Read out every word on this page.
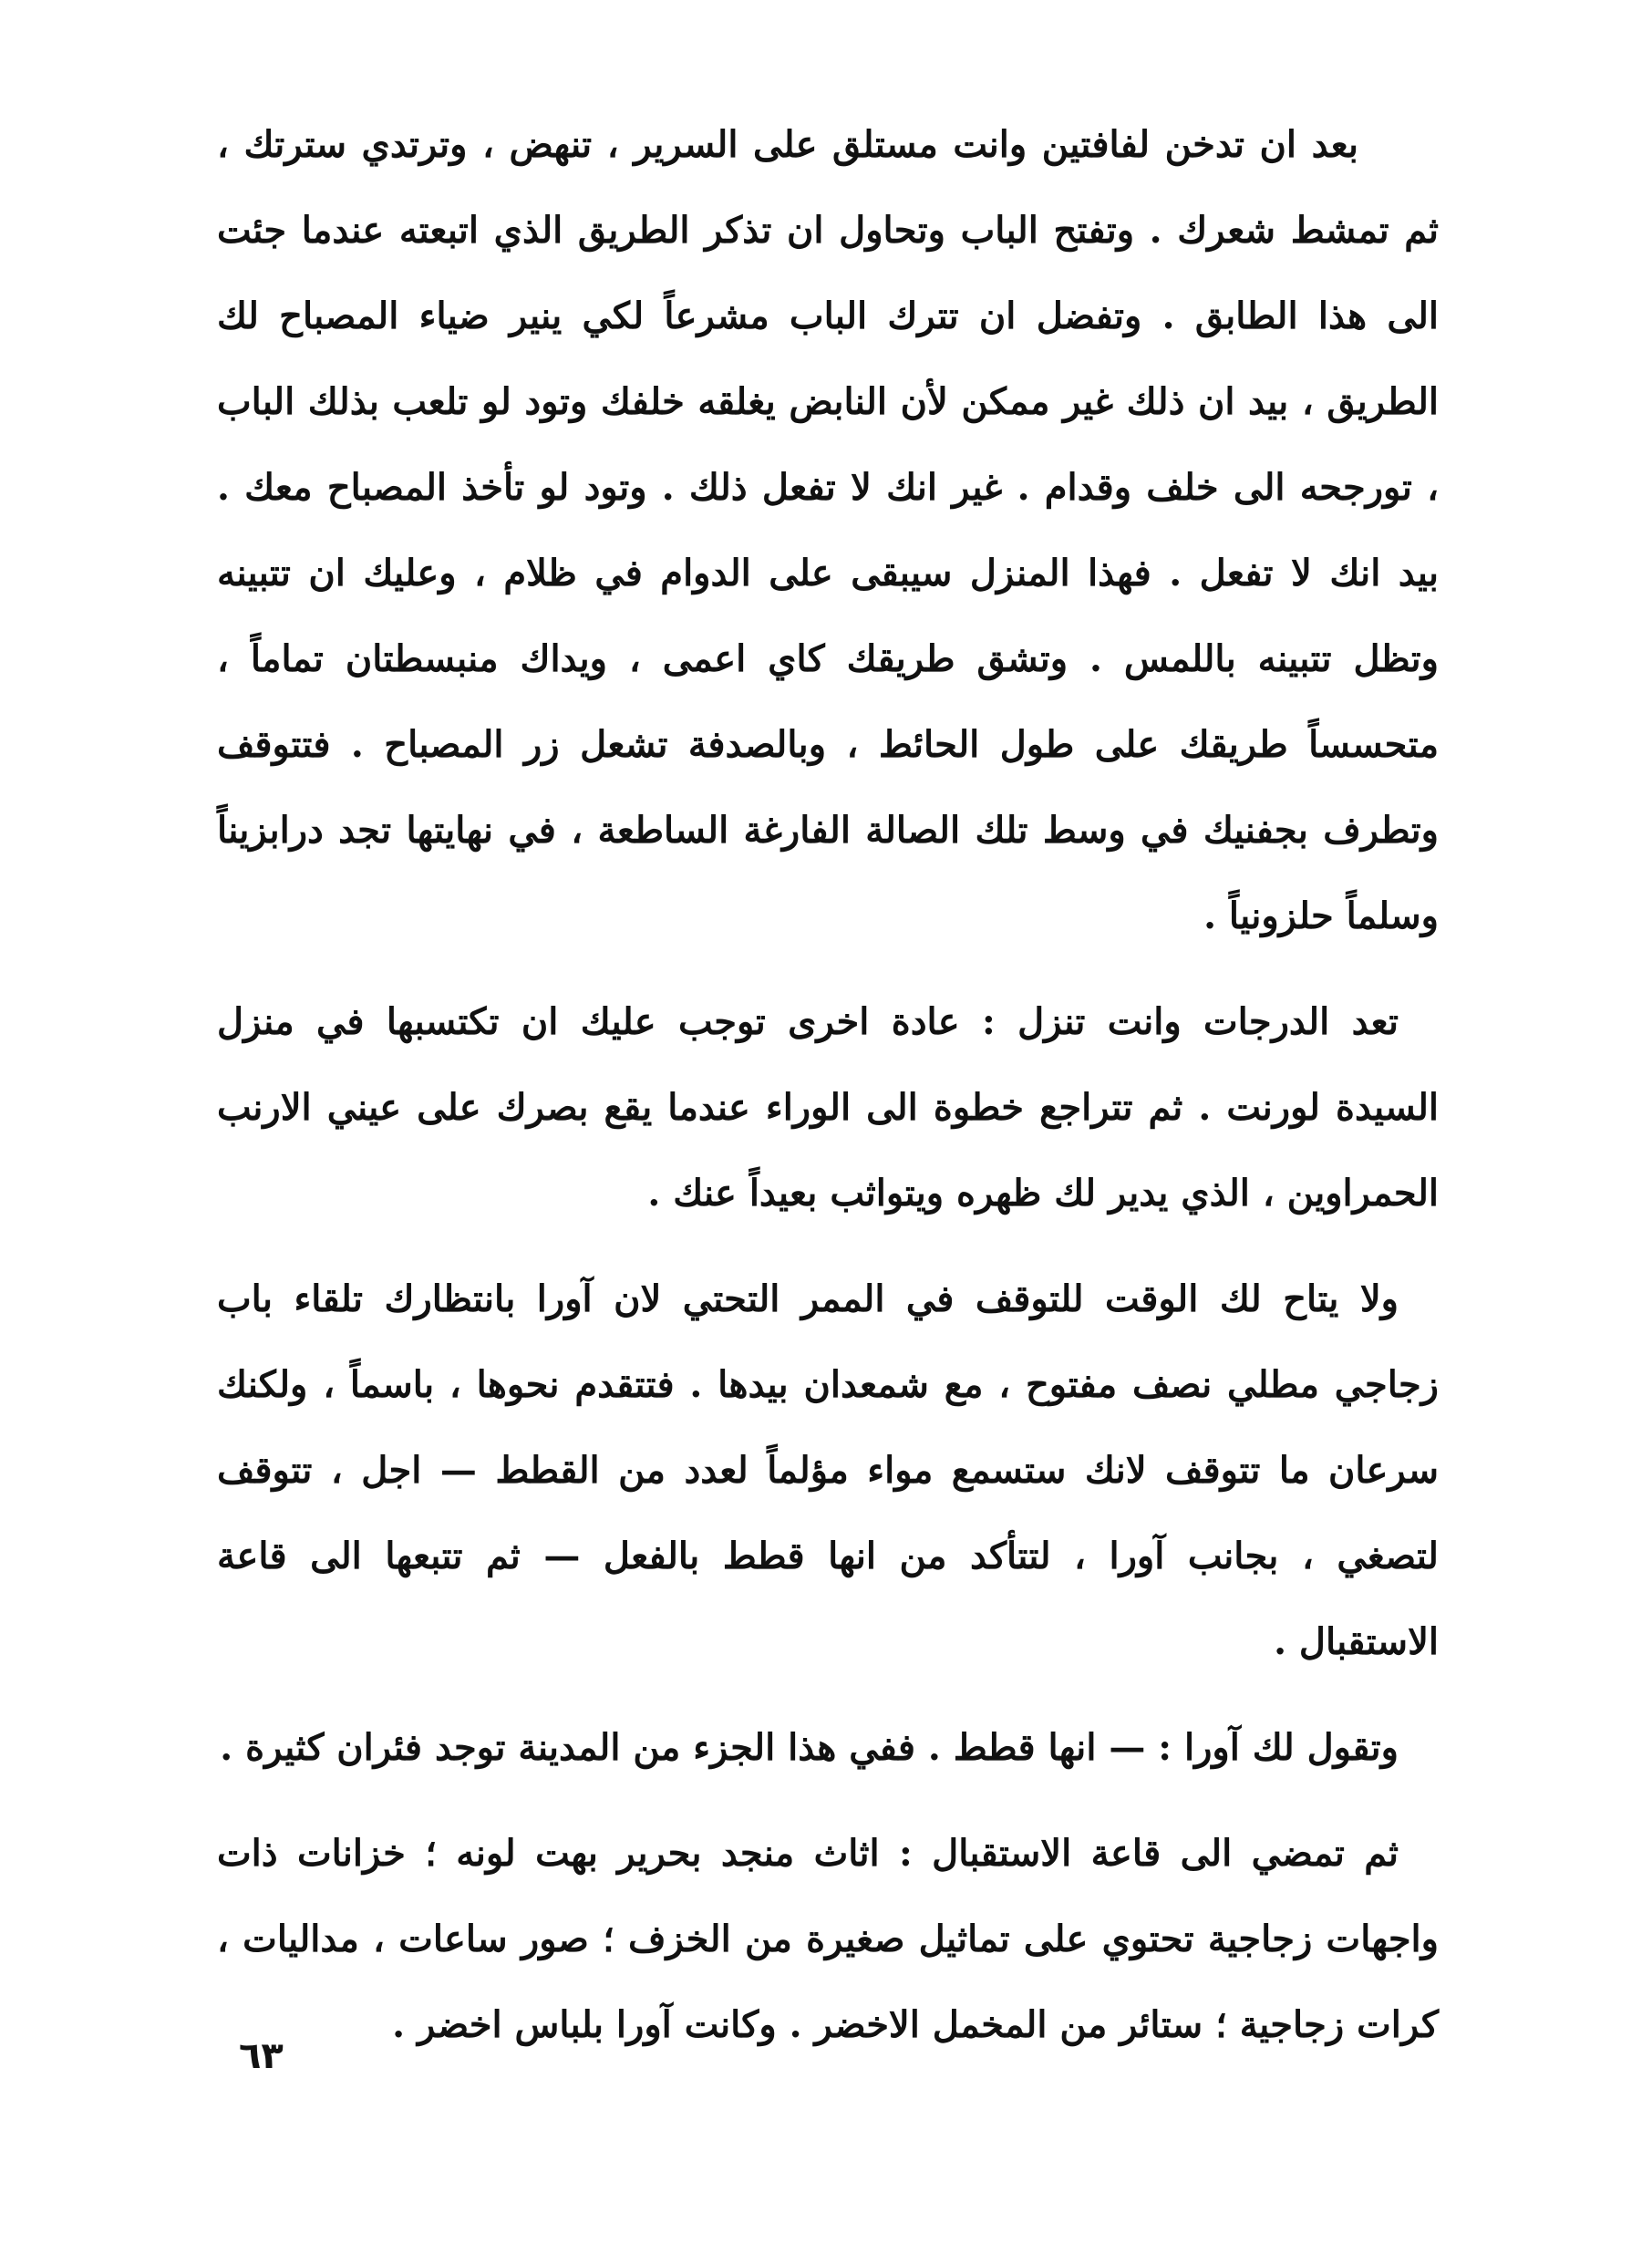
بعد ان تدخن لفافتين وانت مستلق على السرير ، تنهض ، وترتدي سترتك ، ثم تمشط شعرك . وتفتح الباب وتحاول ان تذكر الطريق الذي اتبعته عندما جئت الى هذا الطابق . وتفضل ان تترك الباب مشرعاً لكي ينير ضياء المصباح لك الطريق ، بيد ان ذلك غير ممكن لأن النابض يغلقه خلفك وتود لو تلعب بذلك الباب ، تورجحه الى خلف وقدام . غير انك لا تفعل ذلك . وتود لو تأخذ المصباح معك . بيد انك لا تفعل . فهذا المنزل سيبقى على الدوام في ظلام ، وعليك ان تتبينه وتظل تتبينه باللمس . وتشق طريقك كاي اعمى ، ويداك منبسطتان تماماً ، متحسساً طريقك على طول الحائط ، وبالصدفة تشعل زر المصباح . فتتوقف وتطرف بجفنيك في وسط تلك الصالة الفارغة الساطعة ، في نهايتها تجد درابزيناً وسلماً حلزونياً .

تعد الدرجات وانت تنزل : عادة اخرى توجب عليك ان تكتسبها في منزل السيدة لورنت . ثم تتراجع خطوة الى الوراء عندما يقع بصرك على عيني الارنب الحمراوين ، الذي يدير لك ظهره ويتواثب بعيداً عنك .

ولا يتاح لك الوقت للتوقف في الممر التحتي لان آورا بانتظارك تلقاء باب زجاجي مطلي نصف مفتوح ، مع شمعدان بيدها . فتتقدم نحوها ، باسماً ، ولكنك سرعان ما تتوقف لانك ستسمع مواء مؤلماً لعدد من القطط — اجل ، تتوقف لتصغي ، بجانب آورا ، لتتأكد من انها قطط بالفعل — ثم تتبعها الى قاعة الاستقبال .

وتقول لك آورا : — انها قطط . ففي هذا الجزء من المدينة توجد فئران كثيرة .

ثم تمضي الى قاعة الاستقبال : اثاث منجد بحرير بهت لونه ؛ خزانات ذات واجهات زجاجية تحتوي على تماثيل صغيرة من الخزف ؛ صور ساعات ، مداليات ، كرات زجاجية ؛ ستائر من المخمل الاخضر . وكانت آورا بلباس اخضر .

٦٣
